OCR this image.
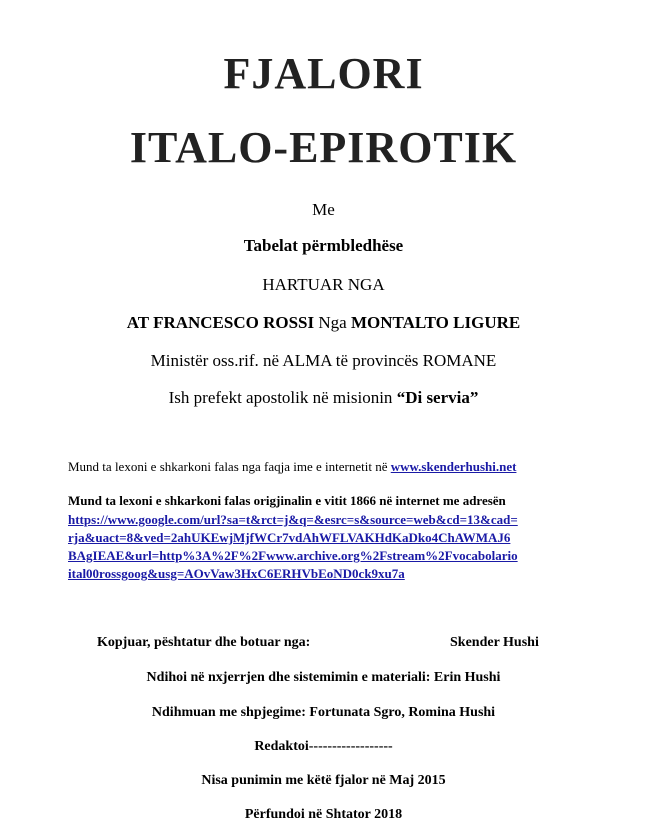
FJALORI
ITALO-EPIROTIK
Me
Tabelat përmbledhëse
HARTUAR NGA
AT FRANCESCO ROSSI Nga MONTALTO LIGURE
Ministër oss.rif. në ALMA të provincës ROMANE
Ish prefekt apostolik në misionin “Di servia”
Mund ta lexoni e shkarkoni falas nga faqja ime e internetit në www.skenderhushi.net
Mund ta lexoni e shkarkoni falas origjinalin e vitit 1866 në internet me adresën
https://www.google.com/url?sa=t&rct=j&q=&esrc=s&source=web&cd=13&cad=
rja&uact=8&ved=2ahUKEwjMjfWCr7vdAhWFLVAKHdKaDko4ChAWMAJ6
BAgIEAE&url=http%3A%2F%2Fwww.archive.org%2Fstream%2Fvocabolario
ital00rossgoog&usg=AOvVaw3HxC6ERHVbEoND0ck9xu7a
Kopjuar, pështatur dhe botuar nga:	Skender Hushi
Ndihoi në nxjerrjen dhe sistemimin e materiali: Erin Hushi
Ndihmuan me shpjegime: Fortunata Sgro, Romina Hushi
Redaktoi------------------
Nisa punimin me këtë fjalor në Maj 2015
Përfundoi në Shtator 2018
